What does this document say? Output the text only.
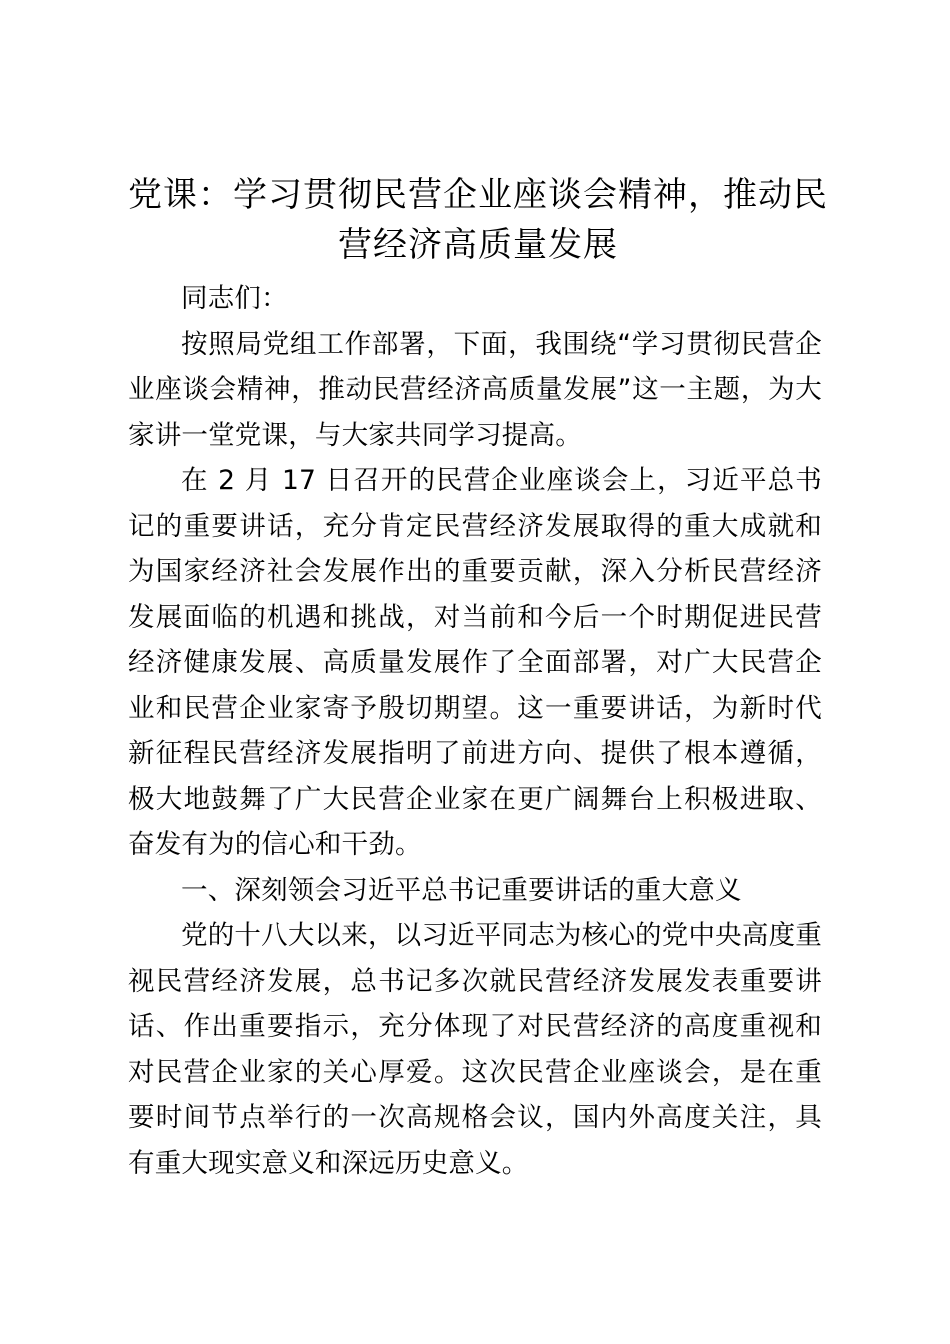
党课：学习贯彻民营企业座谈会精神，推动民营经济高质量发展

同志们：

按照局党组工作部署，下面，我围绕“学习贯彻民营企业座谈会精神，推动民营经济高质量发展”这一主题，为大家讲一堂党课，与大家共同学习提高。

在 2 月 17 日召开的民营企业座谈会上，习近平总书记的重要讲话，充分肯定民营经济发展取得的重大成就和为国家经济社会发展作出的重要贡献，深入分析民营经济发展面临的机遇和挑战，对当前和今后一个时期促进民营经济健康发展、高质量发展作了全面部署，对广大民营企业和民营企业家寄予殷切期望。这一重要讲话，为新时代新征程民营经济发展指明了前进方向、提供了根本遵循，极大地鼓舞了广大民营企业家在更广阔舞台上积极进取、奋发有为的信心和干劲。

一、深刻领会习近平总书记重要讲话的重大意义

党的十八大以来，以习近平同志为核心的党中央高度重视民营经济发展，总书记多次就民营经济发展发表重要讲话、作出重要指示，充分体现了对民营经济的高度重视和对民营企业家的关心厚爱。这次民营企业座谈会，是在重要时间节点举行的一次高规格会议，国内外高度关注，具有重大现实意义和深远历史意义。
